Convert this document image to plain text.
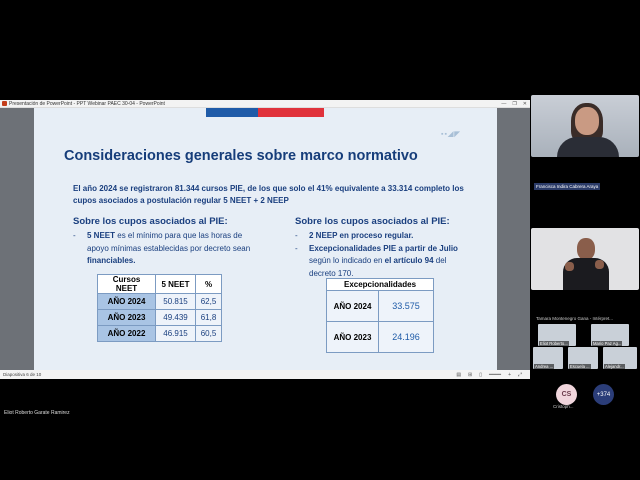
Presentación de PowerPoint - PPT Webinar PAEC 30-04 - PowerPoint	— ❐ ✕
▪▪◢◤
Consideraciones generales sobre marco normativo
El año 2024 se registraron 81.344 cursos PIE, de los que solo el 41% equivalente a 33.314 completo los cupos asociados a postulación regular 5 NEET + 2 NEEP
Sobre los cupos asociados al PIE:
-	5 NEET es el mínimo para que las horas de apoyo mínimas establecidas por decreto sean financiables.
Sobre los cupos asociados al PIE:
-	2 NEEP en proceso regular.
-	Excepcionalidades PIE a partir de Julio según lo indicado en el artículo 94 del decreto 170.
Cursos NEET	5 NEET	%
AÑO 2024	50.815	62,5
AÑO 2023	49.439	61,8
AÑO 2022	46.915	60,5
Excepcionalidades	
AÑO 2024	33.575
AÑO 2023	24.196
Diapositiva 6 de 10	▤ ⊞ ▯ ━━━━ + ⤢
Eliot Roberto Garate Ramirez
Francisca Indira Cabrera Araya
Tamara Montenegro Gana - Intérpret...
Eliot Roberto...	Mario Paz Ag...
Andrea ...	Escuela ...	Alejandr...
CS
Cristoph...
+374
